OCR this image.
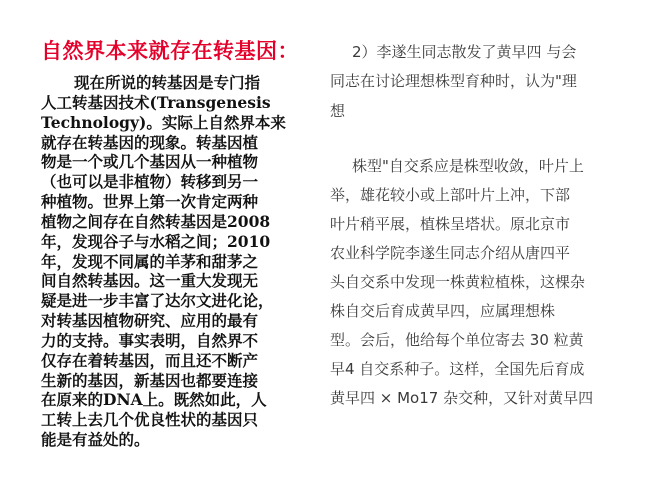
自然界本来就存在转基因：
现在所说的转基因是专门指
人工转基因技术(Transgenesis
Technology)。实际上自然界本来
就存在转基因的现象。转基因植
物是一个或几个基因从一种植物
（也可以是非植物）转移到另一
种植物。世界上第一次肯定两种
植物之间存在自然转基因是2008
年，发现谷子与水稻之间；2010
年，发现不同属的羊茅和甜茅之
间自然转基因。这一重大发现无
疑是进一步丰富了达尔文进化论，
对转基因植物研究、应用的最有
力的支持。事实表明，自然界不
仅存在着转基因，而且还不断产
生新的基因，新基因也都要连接
在原来的DNA上。既然如此，人
工转上去几个优良性状的基因只
能是有益处的。
2）李遂生同志散发了黄早四 与会
同志在讨论理想株型育种时，认为"理
想
株型"自交系应是株型收敛，叶片上
举，雄花较小或上部叶片上冲，下部
叶片稍平展，植株呈塔状。原北京市
农业科学院李遂生同志介绍从唐四平
头自交系中发现一株黄粒植株，这棵杂
株自交后育成黄早四，应属理想株
型。会后，他给每个单位寄去 30 粒黄
早4 自交系种子。这样，全国先后育成
黄早四 × Mo17 杂交种，又针对黄早四
